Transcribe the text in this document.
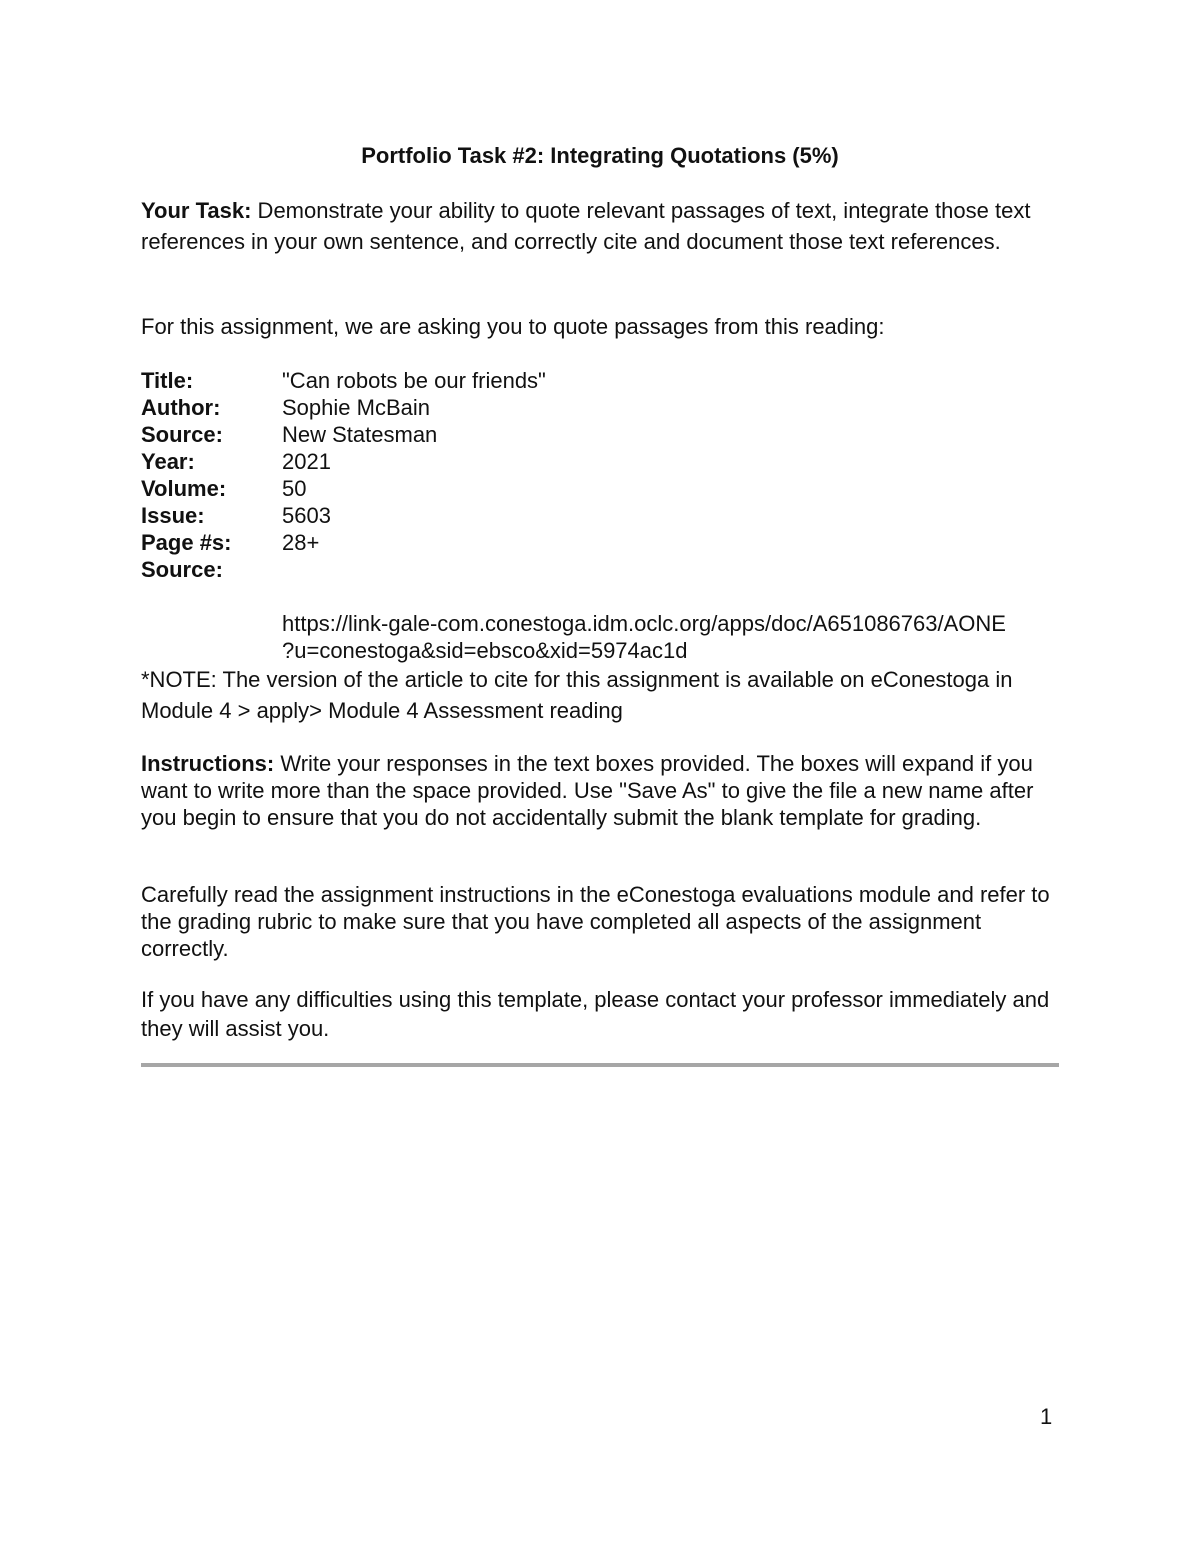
Portfolio Task #2: Integrating Quotations (5%)

Your Task: Demonstrate your ability to quote relevant passages of text, integrate those text references in your own sentence, and correctly cite and document those text references.

For this assignment, we are asking you to quote passages from this reading:

Title:	"Can robots be our friends"
Author:	Sophie McBain
Source:	New Statesman
Year:	2021
Volume:	50
Issue:	5603
Page #s: 28+
Source:
https://link-gale-com.conestoga.idm.oclc.org/apps/doc/A651086763/AONE
?u=conestoga&sid=ebsco&xid=5974ac1d

*NOTE: The version of the article to cite for this assignment is available on eConestoga in Module 4 > apply> Module 4 Assessment reading

Instructions: Write your responses in the text boxes provided. The boxes will expand if you want to write more than the space provided. Use "Save As" to give the file a new name after you begin to ensure that you do not accidentally submit the blank template for grading.

Carefully read the assignment instructions in the eConestoga evaluations module and refer to the grading rubric to make sure that you have completed all aspects of the assignment correctly.

If you have any difficulties using this template, please contact your professor immediately and they will assist you.

1
